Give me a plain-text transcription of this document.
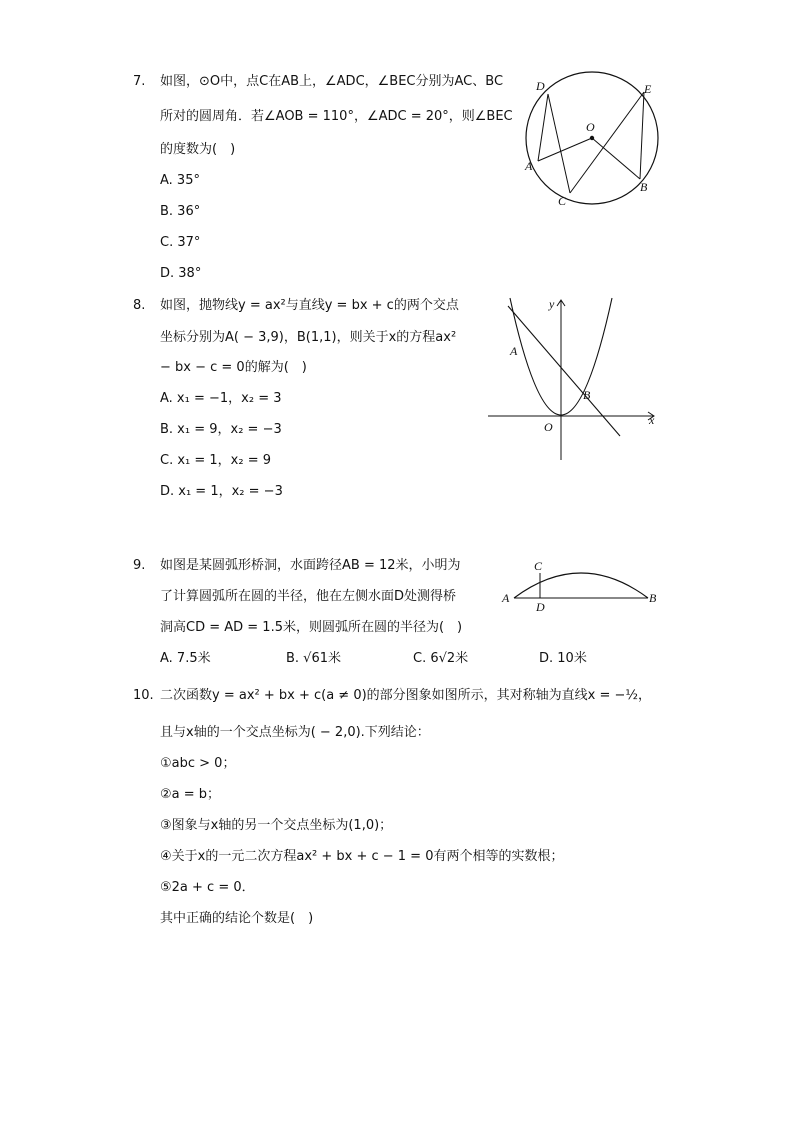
7. 如图，⊙O中，点C在AB上，∠ADC，∠BEC分别为AC、BC
所对的圆周角．若∠AOB = 110°，∠ADC = 20°，则∠BEC
的度数为(　)
A. 35°
B. 36°
C. 37°
D. 38°
D	E
O
A
B
C
8. 如图，抛物线y = ax²与直线y = bx + c的两个交点
坐标分别为A( − 3,9)，B(1,1)，则关于x的方程ax²
− bx − c = 0的解为(　)
A. x₁ = −1，x₂ = 3
B. x₁ = 9，x₂ = −3
C. x₁ = 1，x₂ = 9
D. x₁ = 1，x₂ = −3
y
x
A
B
O
9. 如图是某圆弧形桥洞，水面跨径AB = 12米，小明为
了计算圆弧所在圆的半径，他在左侧水面D处测得桥
洞高CD = AD = 1.5米，则圆弧所在圆的半径为(　)
A. 7.5米	B. √61米	C. 6√2米	D. 10米
A	B
C
D
10. 二次函数y = ax² + bx + c(a ≠ 0)的部分图象如图所示，其对称轴为直线x = −½，
且与x轴的一个交点坐标为( − 2,0).下列结论：
①abc > 0；
②a = b；
③图象与x轴的另一个交点坐标为(1,0)；
④关于x的一元二次方程ax² + bx + c − 1 = 0有两个相等的实数根；
⑤2a + c = 0．
其中正确的结论个数是(　)
